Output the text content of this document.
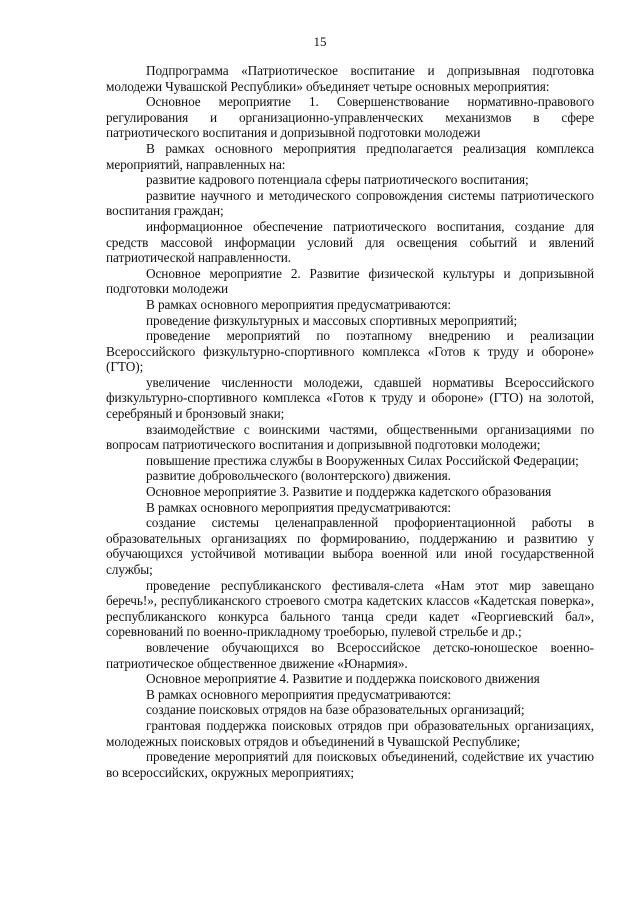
15

Подпрограмма «Патриотическое воспитание и допризывная подготовка молодежи Чувашской Республики» объединяет четыре основных мероприятия:

Основное мероприятие 1. Совершенствование нормативно-правового регулирования и организационно-управленческих механизмов в сфере патриотического воспитания и допризывной подготовки молодежи

В рамках основного мероприятия предполагается реализация комплекса мероприятий, направленных на:

развитие кадрового потенциала сферы патриотического воспитания;

развитие научного и методического сопровождения системы патриотического воспитания граждан;

информационное обеспечение патриотического воспитания, создание для средств массовой информации условий для освещения событий и явлений патриотической направленности.

Основное мероприятие 2. Развитие физической культуры и допризывной подготовки молодежи

В рамках основного мероприятия предусматриваются:

проведение физкультурных и массовых спортивных мероприятий;

проведение мероприятий по поэтапному внедрению и реализации Всероссийского физкультурно-спортивного комплекса «Готов к труду и обороне» (ГТО);

увеличение численности молодежи, сдавшей нормативы Всероссийского физкультурно-спортивного комплекса «Готов к труду и обороне» (ГТО) на золотой, серебряный и бронзовый знаки;

взаимодействие с воинскими частями, общественными организациями по вопросам патриотического воспитания и допризывной подготовки молодежи;

повышение престижа службы в Вооруженных Силах Российской Федерации;

развитие добровольческого (волонтерского) движения.

Основное мероприятие 3. Развитие и поддержка кадетского образования

В рамках основного мероприятия предусматриваются:

создание системы целенаправленной профориентационной работы в образовательных организациях по формированию, поддержанию и развитию у обучающихся устойчивой мотивации выбора военной или иной государственной службы;

проведение республиканского фестиваля-слета «Нам этот мир завещано беречь!», республиканского строевого смотра кадетских классов «Кадетская поверка», республиканского конкурса бального танца среди кадет «Георгиевский бал», соревнований по военно-прикладному троеборью, пулевой стрельбе и др.;

вовлечение обучающихся во Всероссийское детско-юношеское военно-патриотическое общественное движение «Юнармия».

Основное мероприятие 4. Развитие и поддержка поискового движения

В рамках основного мероприятия предусматриваются:

создание поисковых отрядов на базе образовательных организаций;

грантовая поддержка поисковых отрядов при образовательных организациях, молодежных поисковых отрядов и объединений в Чувашской Республике;

проведение мероприятий для поисковых объединений, содействие их участию во всероссийских, окружных мероприятиях;
